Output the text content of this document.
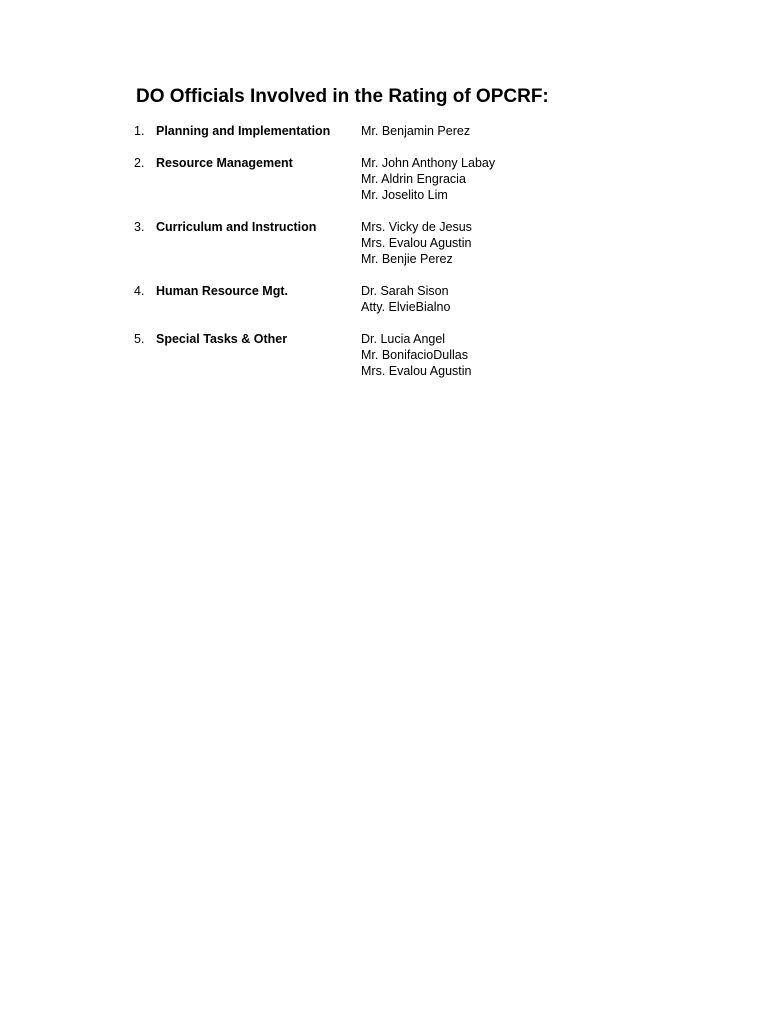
DO Officials Involved in the Rating of OPCRF:
1. Planning and Implementation	Mr. Benjamin Perez
2. Resource Management	Mr. John Anthony Labay
Mr. Aldrin Engracia
Mr. Joselito Lim
3. Curriculum and Instruction	Mrs. Vicky de Jesus
Mrs. Evalou Agustin
Mr. Benjie Perez
4. Human Resource Mgt.	Dr. Sarah Sison
Atty. ElvieBialno
5. Special Tasks & Other	Dr. Lucia Angel
Mr. BonifacioDullas
Mrs. Evalou Agustin
